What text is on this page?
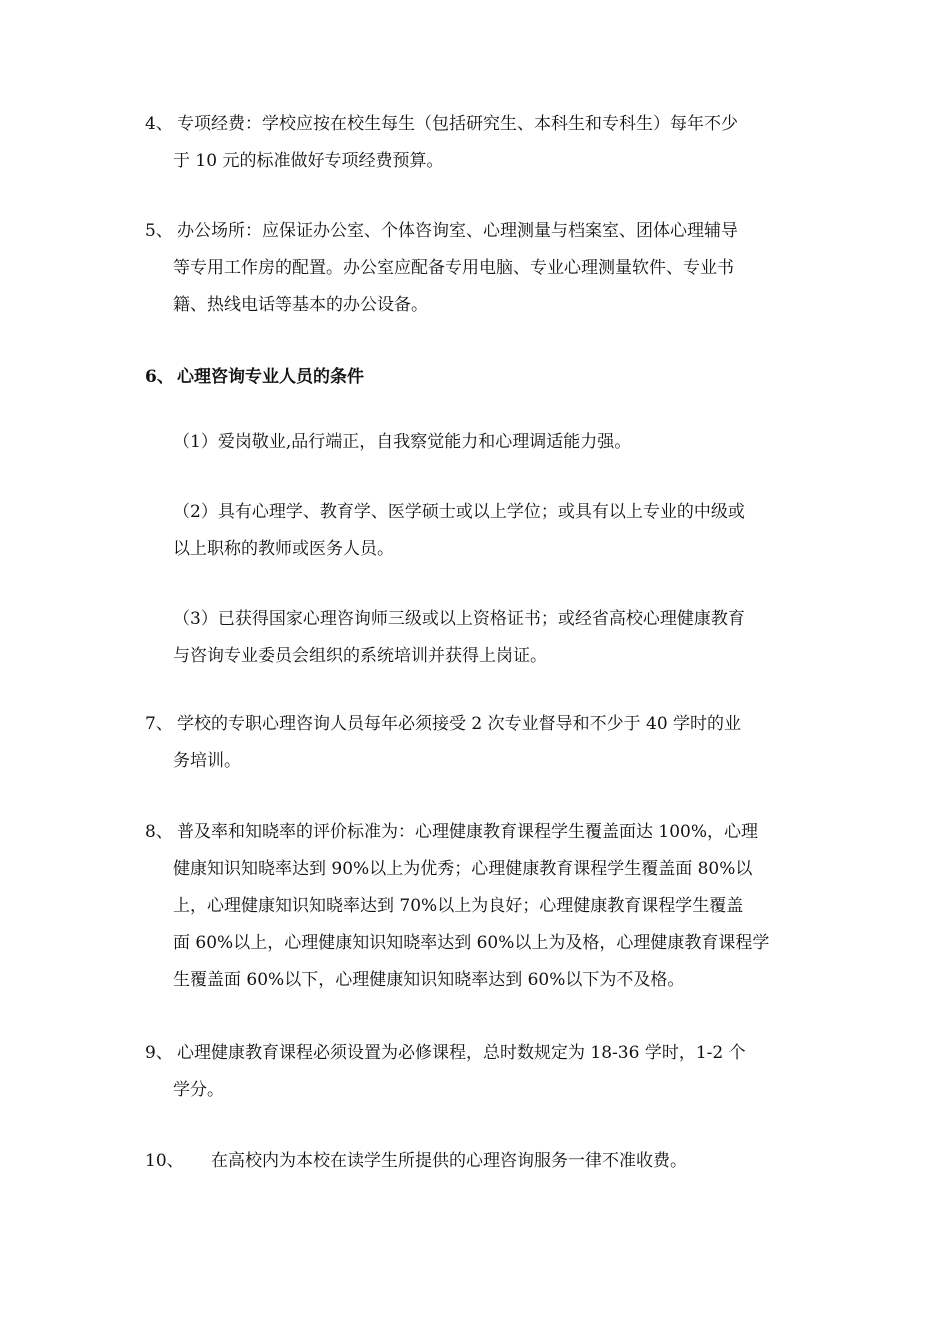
4、 专项经费：学校应按在校生每生（包括研究生、本科生和专科生）每年不少
于 10 元的标准做好专项经费预算。
5、 办公场所：应保证办公室、个体咨询室、心理测量与档案室、团体心理辅导
等专用工作房的配置。办公室应配备专用电脑、专业心理测量软件、专业书
籍、热线电话等基本的办公设备。
6、 心理咨询专业人员的条件
（1）爱岗敬业,品行端正，自我察觉能力和心理调适能力强。
（2）具有心理学、教育学、医学硕士或以上学位；或具有以上专业的中级或
以上职称的教师或医务人员。
（3）已获得国家心理咨询师三级或以上资格证书；或经省高校心理健康教育
与咨询专业委员会组织的系统培训并获得上岗证。
7、 学校的专职心理咨询人员每年必须接受 2 次专业督导和不少于 40 学时的业
务培训。
8、 普及率和知晓率的评价标准为：心理健康教育课程学生覆盖面达 100%，心理
健康知识知晓率达到 90%以上为优秀；心理健康教育课程学生覆盖面 80%以
上，心理健康知识知晓率达到 70%以上为良好；心理健康教育课程学生覆盖
面 60%以上，心理健康知识知晓率达到 60%以上为及格，心理健康教育课程学
生覆盖面 60%以下，心理健康知识知晓率达到 60%以下为不及格。
9、 心理健康教育课程必须设置为必修课程，总时数规定为 18-36 学时，1-2 个
学分。
10、 在高校内为本校在读学生所提供的心理咨询服务一律不准收费。
